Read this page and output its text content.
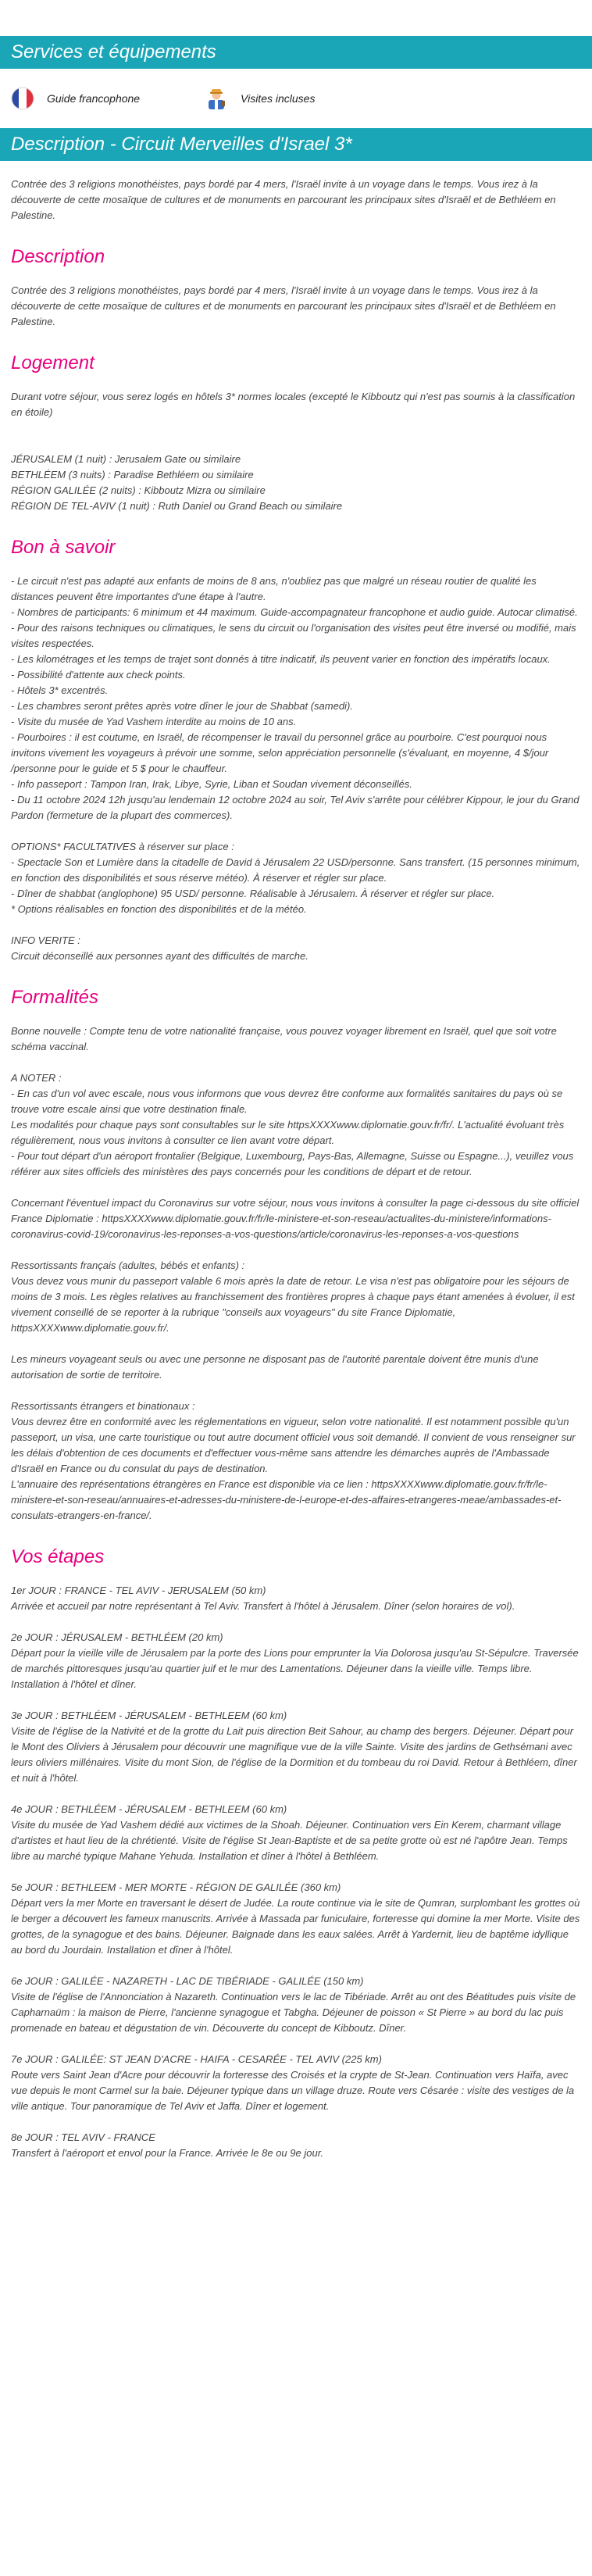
Services et équipements
Guide francophone	Visites incluses
Description - Circuit Merveilles d'Israel 3*
Contrée des 3 religions monothéistes, pays bordé par 4 mers, l'Israël invite à un voyage dans le temps. Vous irez à la découverte de cette mosaïque de cultures et de monuments en parcourant les principaux sites d'Israël et de Bethléem en Palestine.
Description
Contrée des 3 religions monothéistes, pays bordé par 4 mers, l'Israël invite à un voyage dans le temps. Vous irez à la découverte de cette mosaïque de cultures et de monuments en parcourant les principaux sites d'Israël et de Bethléem en Palestine.
Logement
Durant votre séjour, vous serez logés en hôtels 3* normes locales (excepté le Kibboutz qui n'est pas soumis à la classification en étoile)
JÉRUSALEM (1 nuit) : Jerusalem Gate ou similaire
BETHLÉEM (3 nuits) : Paradise Bethléem ou similaire
RÉGION GALILÉE (2 nuits) : Kibboutz Mizra ou similaire
RÉGION DE TEL-AVIV (1 nuit) : Ruth Daniel ou Grand Beach ou similaire
Bon à savoir
- Le circuit n'est pas adapté aux enfants de moins de 8 ans, n'oubliez pas que malgré un réseau routier de qualité les distances peuvent être importantes d'une étape à l'autre.
- Nombres de participants: 6 minimum et 44 maximum. Guide-accompagnateur francophone et audio guide. Autocar climatisé.
- Pour des raisons techniques ou climatiques, le sens du circuit ou l'organisation des visites peut être inversé ou modifié, mais visites respectées.
- Les kilométrages et les temps de trajet sont donnés à titre indicatif, ils peuvent varier en fonction des impératifs locaux.
- Possibilité d'attente aux check points.
- Hôtels 3* excentrés.
- Les chambres seront prêtes après votre dîner le jour de Shabbat (samedi).
- Visite du musée de Yad Vashem interdite au moins de 10 ans.
- Pourboires : il est coutume, en Israël, de récompenser le travail du personnel grâce au pourboire. C'est pourquoi nous invitons vivement les voyageurs à prévoir une somme, selon appréciation personnelle (s'évaluant, en moyenne, 4 $/jour /personne pour le guide et 5 $ pour le chauffeur.
- Info passeport : Tampon Iran, Irak, Libye, Syrie, Liban et Soudan vivement déconseillés.
- Du 11 octobre 2024 12h jusqu'au lendemain 12 octobre 2024 au soir, Tel Aviv s'arrête pour célébrer Kippour, le jour du Grand Pardon (fermeture de la plupart des commerces).
OPTIONS* FACULTATIVES à réserver sur place :
- Spectacle Son et Lumière dans la citadelle de David à Jérusalem 22 USD/personne. Sans transfert. (15 personnes minimum, en fonction des disponibilités et sous réserve météo). À réserver et régler sur place.
- Dîner de shabbat (anglophone) 95 USD/ personne. Réalisable à Jérusalem. À réserver et régler sur place.
* Options réalisables en fonction des disponibilités et de la météo.
INFO VERITE :
Circuit déconseillé aux personnes ayant des difficultés de marche.
Formalités
Bonne nouvelle : Compte tenu de votre nationalité française, vous pouvez voyager librement en Israël, quel que soit votre schéma vaccinal.
A NOTER :
- En cas d'un vol avec escale, nous vous informons que vous devrez être conforme aux formalités sanitaires du pays où se trouve votre escale ainsi que votre destination finale.
Les modalités pour chaque pays sont consultables sur le site httpsXXXXwww.diplomatie.gouv.fr/fr/. L'actualité évoluant très régulièrement, nous vous invitons à consulter ce lien avant votre départ.
- Pour tout départ d'un aéroport frontalier (Belgique, Luxembourg, Pays-Bas, Allemagne, Suisse ou Espagne...), veuillez vous référer aux sites officiels des ministères des pays concernés pour les conditions de départ et de retour.
Concernant l'éventuel impact du Coronavirus sur votre séjour, nous vous invitons à consulter la page ci-dessous du site officiel France Diplomatie : httpsXXXXwww.diplomatie.gouv.fr/fr/le-ministere-et-son-reseau/actualites-du-ministere/informations-coronavirus-covid-19/coronavirus-les-reponses-a-vos-questions/article/coronavirus-les-reponses-a-vos-questions
Ressortissants français (adultes, bébés et enfants) :
Vous devez vous munir du passeport valable 6 mois après la date de retour. Le visa n'est pas obligatoire pour les séjours de moins de 3 mois. Les règles relatives au franchissement des frontières propres à chaque pays étant amenées à évoluer, il est vivement conseillé de se reporter à la rubrique "conseils aux voyageurs" du site France Diplomatie, httpsXXXXwww.diplomatie.gouv.fr/.
Les mineurs voyageant seuls ou avec une personne ne disposant pas de l'autorité parentale doivent être munis d'une autorisation de sortie de territoire.
Ressortissants étrangers et binationaux :
Vous devrez être en conformité avec les réglementations en vigueur, selon votre nationalité. Il est notamment possible qu'un passeport, un visa, une carte touristique ou tout autre document officiel vous soit demandé. Il convient de vous renseigner sur les délais d'obtention de ces documents et d'effectuer vous-même sans attendre les démarches auprès de l'Ambassade d'Israël en France ou du consulat du pays de destination.
L'annuaire des représentations étrangères en France est disponible via ce lien : httpsXXXXwww.diplomatie.gouv.fr/fr/le-ministere-et-son-reseau/annuaires-et-adresses-du-ministere-de-l-europe-et-des-affaires-etrangeres-meae/ambassades-et-consulats-etrangers-en-france/.
Vos étapes
1er JOUR : FRANCE - TEL AVIV - JERUSALEM (50 km)
Arrivée et accueil par notre représentant à Tel Aviv. Transfert à l'hôtel à Jérusalem. Dîner (selon horaires de vol).
2e JOUR : JÉRUSALEM - BETHLÉEM (20 km)
Départ pour la vieille ville de Jérusalem par la porte des Lions pour emprunter la Via Dolorosa jusqu'au St-Sépulcre. Traversée de marchés pittoresques jusqu'au quartier juif et le mur des Lamentations. Déjeuner dans la vieille ville. Temps libre. Installation à l'hôtel et dîner.
3e JOUR : BETHLÉEM - JÉRUSALEM - BETHLEEM (60 km)
Visite de l'église de la Nativité et de la grotte du Lait puis direction Beit Sahour, au champ des bergers. Déjeuner. Départ pour le Mont des Oliviers à Jérusalem pour découvrir une magnifique vue de la ville Sainte. Visite des jardins de Gethsémani avec leurs oliviers millénaires. Visite du mont Sion, de l'église de la Dormition et du tombeau du roi David. Retour à Bethléem, dîner et nuit à l'hôtel.
4e JOUR : BETHLÉEM - JÉRUSALEM - BETHLEEM (60 km)
Visite du musée de Yad Vashem dédié aux victimes de la Shoah. Déjeuner. Continuation vers Ein Kerem, charmant village d'artistes et haut lieu de la chrétienté. Visite de l'église St Jean-Baptiste et de sa petite grotte où est né l'apôtre Jean. Temps libre au marché typique Mahane Yehuda. Installation et dîner à l'hôtel à Bethléem.
5e JOUR : BETHLEEM - MER MORTE - RÉGION DE GALILÉE (360 km)
Départ vers la mer Morte en traversant le désert de Judée. La route continue via le site de Qumran, surplombant les grottes où le berger a découvert les fameux manuscrits. Arrivée à Massada par funiculaire, forteresse qui domine la mer Morte. Visite des grottes, de la synagogue et des bains. Déjeuner. Baignade dans les eaux salées. Arrêt à Yardernit, lieu de baptême idyllique au bord du Jourdain. Installation et dîner à l'hôtel.
6e JOUR : GALILÉE - NAZARETH - LAC DE TIBÉRIADE - GALILÉE (150 km)
Visite de l'église de l'Annonciation à Nazareth. Continuation vers le lac de Tibériade. Arrêt au ont des Béatitudes puis visite de Capharnaüm : la maison de Pierre, l'ancienne synagogue et Tabgha. Déjeuner de poisson « St Pierre » au bord du lac puis promenade en bateau et dégustation de vin. Découverte du concept de Kibboutz. Dîner.
7e JOUR : GALILÉE: ST JEAN D'ACRE - HAIFA - CESARÉE - TEL AVIV (225 km)
Route vers Saint Jean d'Acre pour découvrir la forteresse des Croisés et la crypte de St-Jean. Continuation vers Haïfa, avec vue depuis le mont Carmel sur la baie. Déjeuner typique dans un village druze. Route vers Césarée : visite des vestiges de la ville antique. Tour panoramique de Tel Aviv et Jaffa. Dîner et logement.
8e JOUR : TEL AVIV - FRANCE
Transfert à l'aéroport et envol pour la France. Arrivée le 8e ou 9e jour.
